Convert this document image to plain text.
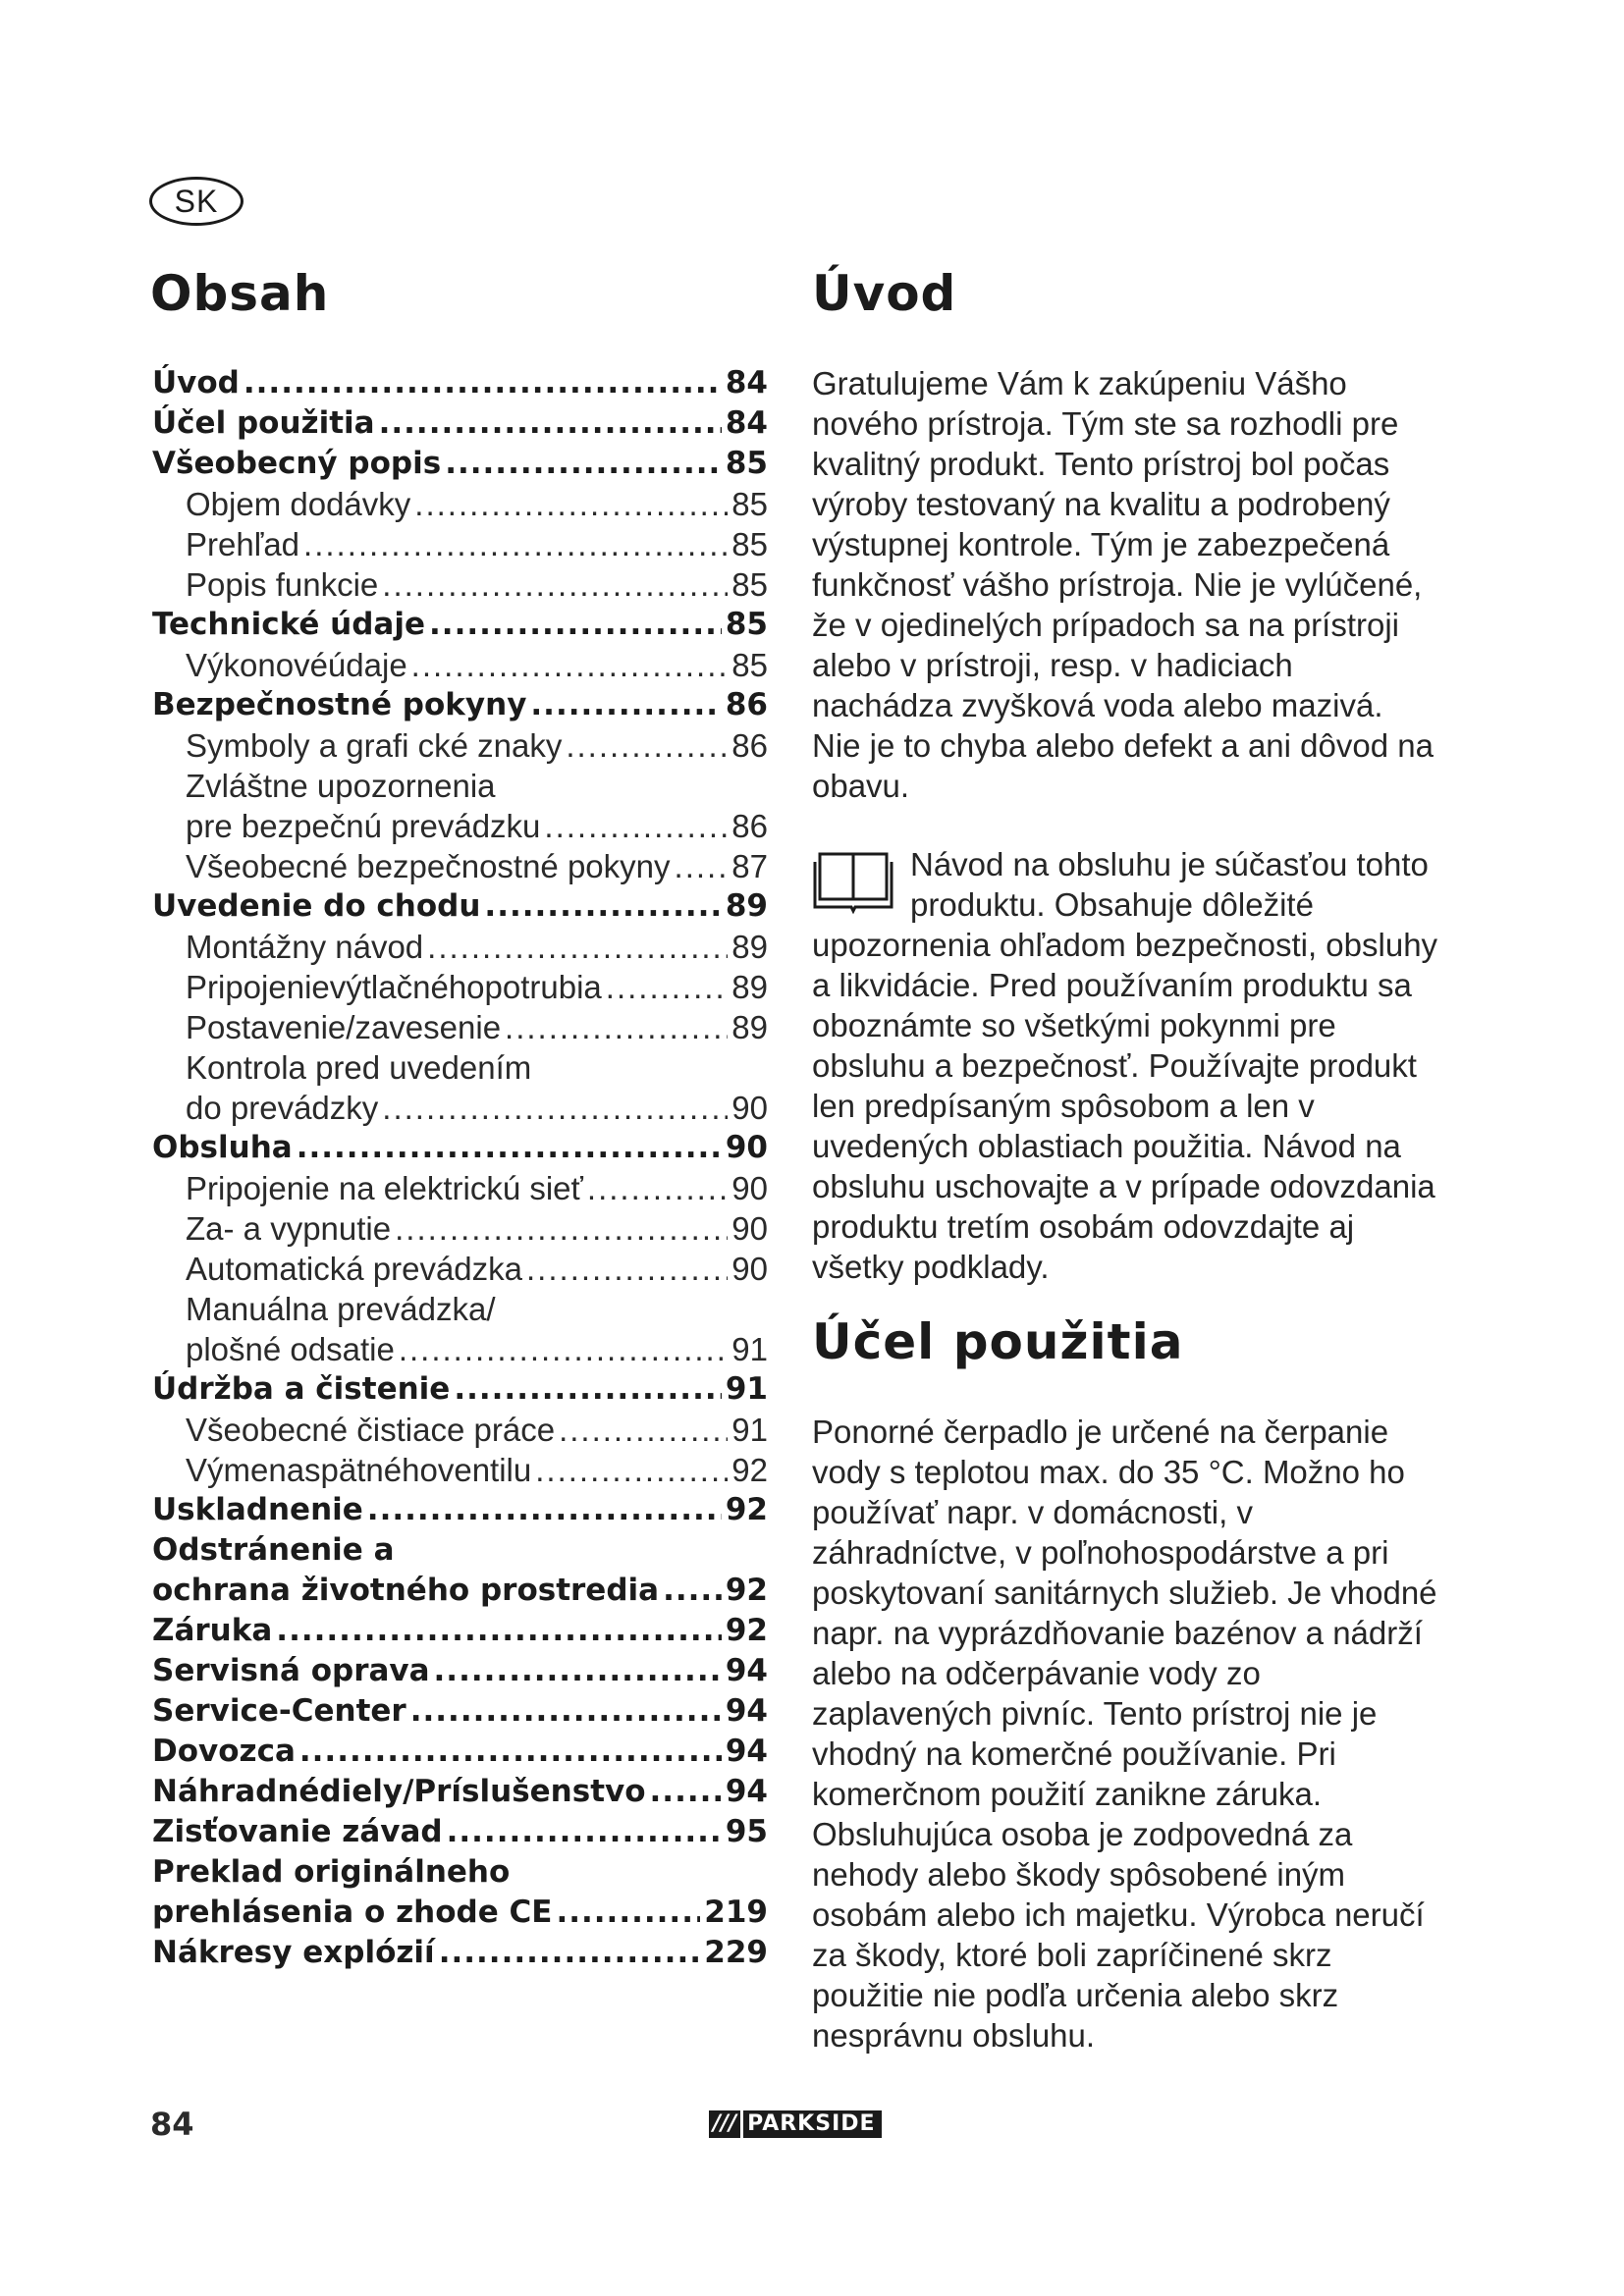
SK
Obsah
Úvod .....	84
Účel použitia .....	84
Všeobecný popis .....	85
Objem dodávky .....	85
Prehľad .....	85
Popis funkcie .....	85
Technické údaje .....	85
Výkonovéúdaje .....	85
Bezpečnostné pokyny .....	86
Symboly a grafi cké znaky .....	86
Zvláštne upozornenia
pre bezpečnú prevádzku .....	86
Všeobecné bezpečnostné pokyny ..... 87
Uvedenie do chodu .....	89
Montážny návod .....	89
Pripojenievýtlačnéhopotrubia .....	89
Postavenie/zavesenie .....	89
Kontrola pred uvedením
do prevádzky .....	90
Obsluha .....	90
Pripojenie na elektrickú sieť .....	90
Za- a vypnutie .....	90
Automatická prevádzka .....	90
Manuálna prevádzka/
plošné odsatie .....	91
Údržba a čistenie .....	91
Všeobecné čistiace práce .....	91
Výmenaspätnéhoventilu .....	92
Uskladnenie .....	92
Odstránenie a
ochrana životného prostredia ..... 92
Záruka .....	92
Servisná oprava .....	94
Service-Center .....	94
Dovozca .....	94
Náhradnédiely/Príslušenstvo .....	94
Zisťovanie závad .....	95
Preklad originálneho
prehlásenia o zhode CE .....	219
Nákresy explózií .....	229
Úvod

Gratulujeme Vám k zakúpeniu Vášho nového prístroja. Tým ste sa rozhodli pre kvalitný produkt. Tento prístroj bol počas výroby testovaný na kvalitu a podrobený výstupnej kontrole. Tým je zabezpečená funkčnosť vášho prístroja. Nie je vylúčené, že v ojedinelých prípadoch sa na prístroji alebo v prístroji, resp. v hadiciach nachádza zvyšková voda alebo mazivá. Nie je to chyba alebo defekt a ani dôvod na obavu.

Návod na obsluhu je súčasťou tohto produktu. Obsahuje dôležité upozornenia ohľadom bezpečnosti, obsluhy a likvidácie. Pred používaním produktu sa oboznámte so všetkými pokynmi pre obsluhu a bezpečnosť. Používajte produkt len predpísaným spôsobom a len v uvedených oblastiach použitia. Návod na obsluhu uschovajte a v prípade odovzdania produktu tretím osobám odovzdajte aj všetky podklady.

Účel použitia

Ponorné čerpadlo je určené na čerpanie vody s teplotou max. do 35 °C. Možno ho používať napr. v domácnosti, v záhradníctve, v poľnohospodárstve a pri poskytovaní sanitárnych služieb. Je vhodné napr. na vyprázdňovanie bazénov a nádrží alebo na odčerpávanie vody zo zaplavených pivníc. Tento prístroj nie je vhodný na komerčné používanie. Pri komerčnom použití zanikne záruka. Obsluhujúca osoba je zodpovedná za nehody alebo škody spôsobené iným osobám alebo ich majetku. Výrobca neručí za škody, ktoré boli zapríčinené skrz použitie nie podľa určenia alebo skrz nesprávnu obsluhu.

84	/// PARKSIDE
